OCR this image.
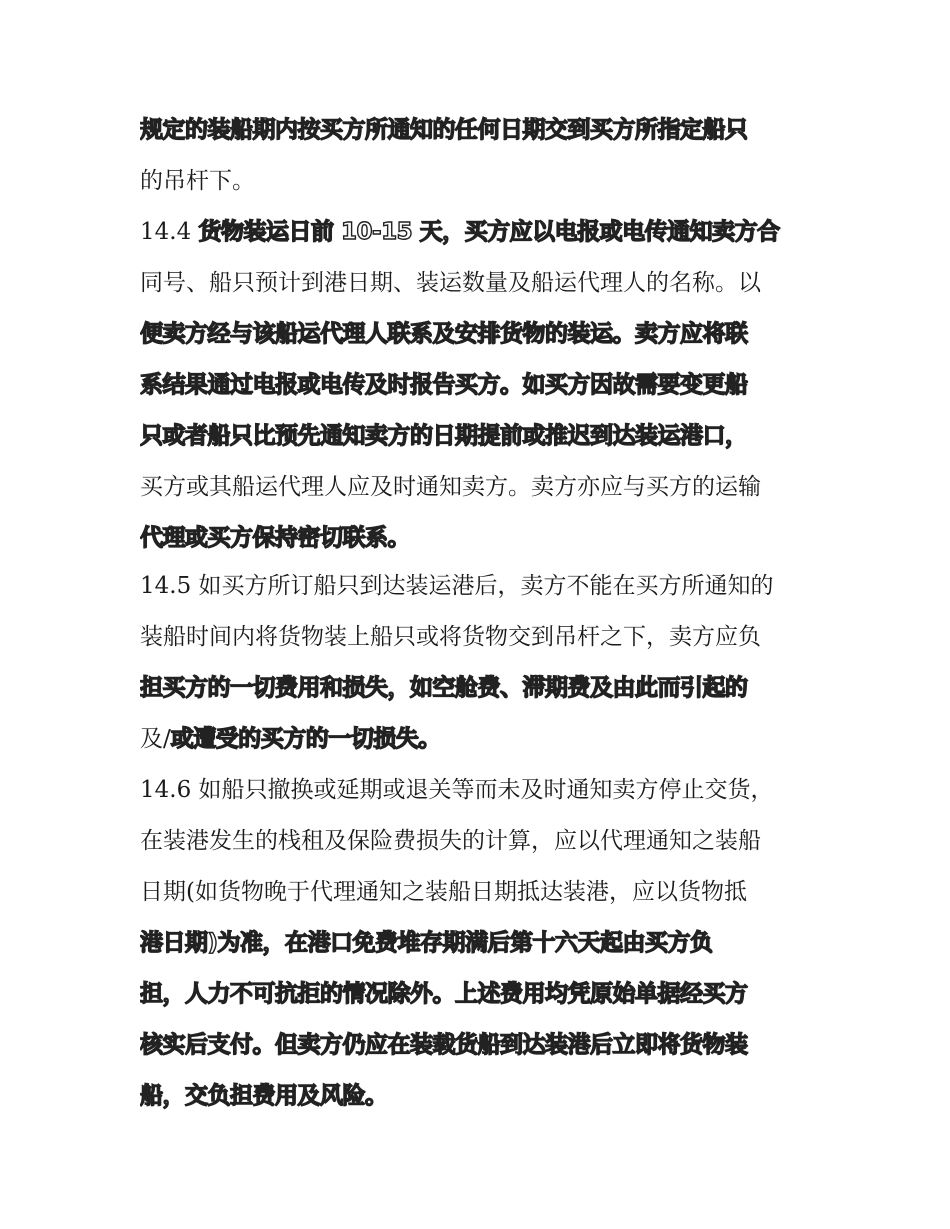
规定的装船期内按买方所通知的任何日期交到买方所指定船只
的吊杆下。
14.4 货物装运日前 10-15 天，买方应以电报或电传通知卖方合
同号、船只预计到港日期、装运数量及船运代理人的名称。以
便卖方经与该船运代理人联系及安排货物的装运。卖方应将联
系结果通过电报或电传及时报告买方。如买方因故需要变更船
只或者船只比预先通知卖方的日期提前或推迟到达装运港口，
买方或其船运代理人应及时通知卖方。卖方亦应与买方的运输
代理或买方保持密切联系。
14.5 如买方所订船只到达装运港后，卖方不能在买方所通知的
装船时间内将货物装上船只或将货物交到吊杆之下，卖方应负
担买方的一切费用和损失，如空舱费、滞期费及由此而引起的
及/或遭受的买方的一切损失。
14.6 如船只撤换或延期或退关等而未及时通知卖方停止交货，
在装港发生的栈租及保险费损失的计算，应以代理通知之装船
日期(如货物晚于代理通知之装船日期抵达装港，应以货物抵
港日期)为准，在港口免费堆存期满后第十六天起由买方负
担，人力不可抗拒的情况除外。上述费用均凭原始单据经买方
核实后支付。但卖方仍应在装载货船到达装港后立即将货物装
船，交负担费用及风险。
